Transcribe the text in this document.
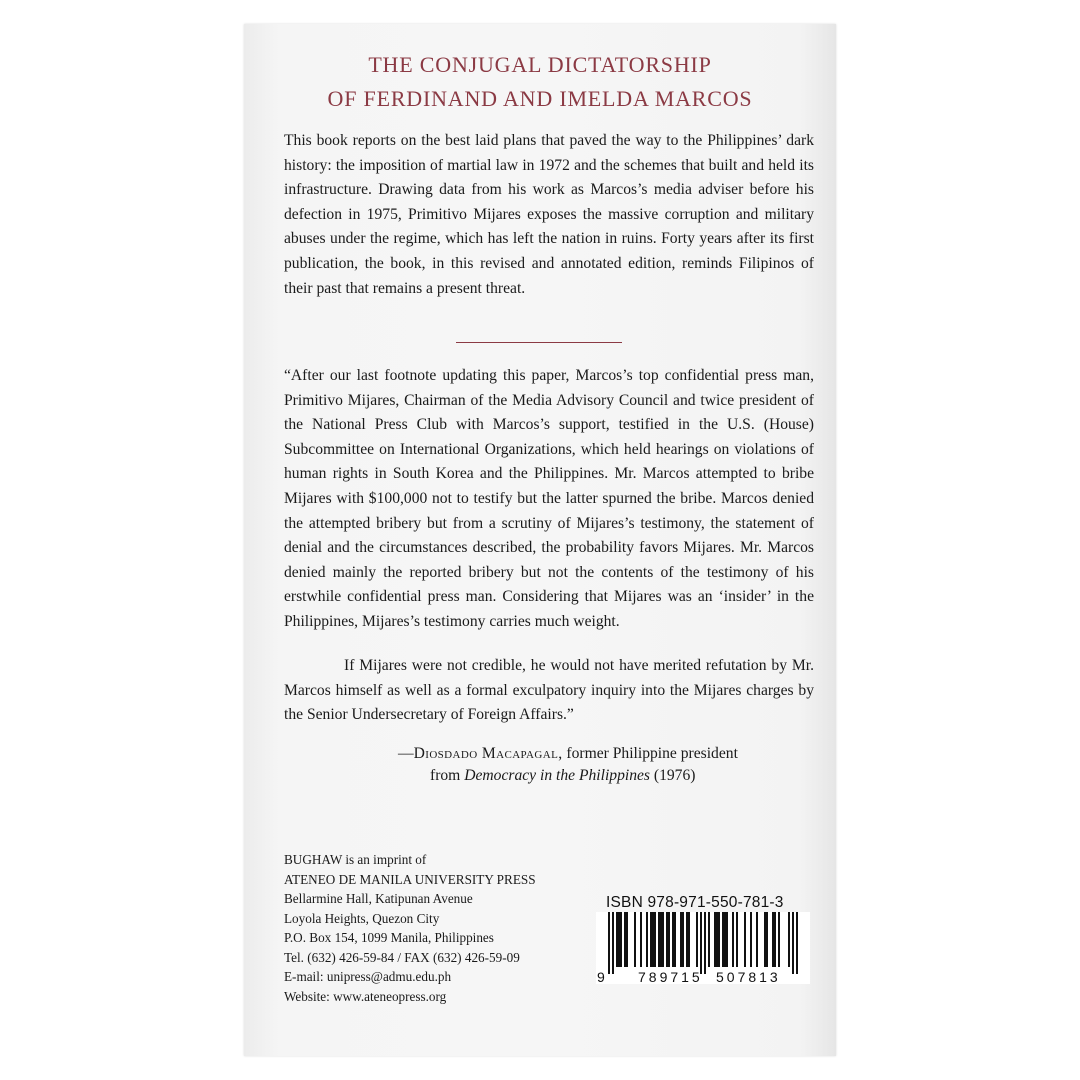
THE CONJUGAL DICTATORSHIP
OF FERDINAND AND IMELDA MARCOS

This book reports on the best laid plans that paved the way to the Philippines’ dark history: the imposition of martial law in 1972 and the schemes that built and held its infrastructure. Drawing data from his work as Marcos’s media adviser before his defection in 1975, Primitivo Mijares exposes the massive corruption and military abuses under the regime, which has left the nation in ruins. Forty years after its first publication, the book, in this revised and annotated edition, reminds Filipinos of their past that remains a present threat.

“After our last footnote updating this paper, Marcos’s top confidential press man, Primitivo Mijares, Chairman of the Media Advisory Council and twice president of the National Press Club with Marcos’s support, testified in the U.S. (House) Subcommittee on International Organizations, which held hearings on violations of human rights in South Korea and the Philippines. Mr. Marcos attempted to bribe Mijares with $100,000 not to testify but the latter spurned the bribe. Marcos denied the attempted bribery but from a scrutiny of Mijares’s testimony, the statement of denial and the circumstances described, the probability favors Mijares. Mr. Marcos denied mainly the reported bribery but not the contents of the testimony of his erstwhile confidential press man. Considering that Mijares was an ‘insider’ in the Philippines, Mijares’s testimony carries much weight.

If Mijares were not credible, he would not have merited refutation by Mr. Marcos himself as well as a formal exculpatory inquiry into the Mijares charges by the Senior Undersecretary of Foreign Affairs.”

—Diosdado Macapagal, former Philippine president
from Democracy in the Philippines (1976)
BUGHAW is an imprint of
ATENEO DE MANILA UNIVERSITY PRESS
Bellarmine Hall, Katipunan Avenue
Loyola Heights, Quezon City
P.O. Box 154, 1099 Manila, Philippines
Tel. (632) 426-59-84 / FAX (632) 426-59-09
E-mail: unipress@admu.edu.ph
Website: www.ateneopress.org
ISBN 978-971-550-781-3
9 789715 507813
